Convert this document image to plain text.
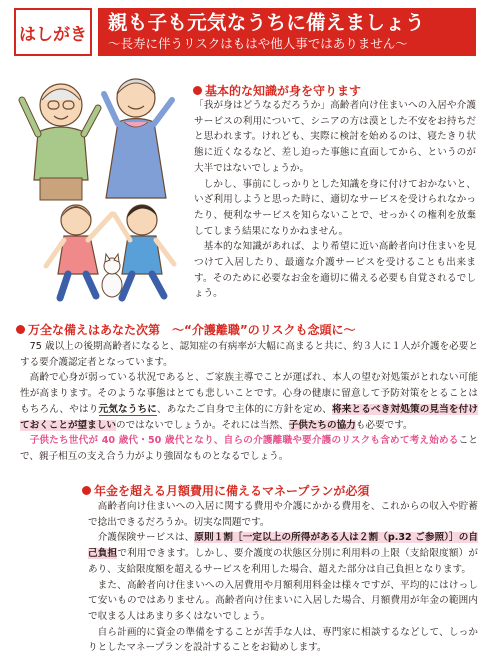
はしがき
親も子も元気なうちに備えましょう
～長寿に伴うリスクはもはや他人事ではありません～
基本的な知識が身を守ります

「我が身はどうなるだろうか」高齢者向け住まいへの入居や介護サービスの利用について、シニアの方は漠とした不安をお持ちだと思われます。けれども、実際に検討を始めるのは、寝たきり状態に近くなるなど、差し迫った事態に直面してから、というのが大半ではないでしょうか。

しかし、事前にしっかりとした知識を身に付けておかないと、いざ利用しようと思った時に、適切なサービスを受けられなかったり、便利なサービスを知らないことで、せっかくの権利を放棄してしまう結果になりかねません。

基本的な知識があれば、より希望に近い高齢者向け住まいを見つけて入居したり、最適な介護サービスを受けることも出来ます。そのために必要なお金を適切に備える必要も自覚されるでしょう。

万全な備えはあなた次第　～“介護離職”のリスクも念頭に～

75 歳以上の後期高齢者になると、認知症の有病率が大幅に高まると共に、約３人に１人が介護を必要とする要介護認定者となっています。

高齢で心身が弱っている状況であると、ご家族主導でことが運ばれ、本人の望む対処策がとれない可能性が高まります。そのような事態はとても悲しいことです。心身の健康に留意して予防対策をとることはもちろん、やはり元気なうちに、あなたご自身で主体的に方針を定め、将来とるべき対処策の見当を付けておくことが望ましいのではないでしょうか。それには当然、子供たちの協力も必要です。

子供たち世代が 40 歳代・50 歳代となり、自らの介護離職や要介護のリスクも含めて考え始めることで、親子相互の支え合う力がより強固なものとなるでしょう。

年金を超える月額費用に備えるマネープランが必須

高齢者向け住まいへの入居に関する費用や介護にかかる費用を、これからの収入や貯蓄で捻出できるだろうか。切実な問題です。

介護保険サービスは、原則１割［一定以上の所得がある人は２割（p.32 ご参照）］の自己負担で利用できます。しかし、要介護度の状態区分別に利用料の上限（支給限度額）があり、支給限度額を超えるサービスを利用した場合、超えた部分は自己負担となります。

また、高齢者向け住まいへの入居費用や月額利用料金は様々ですが、平均的にはけっして安いものではありません。高齢者向け住まいに入居した場合、月額費用が年金の範囲内で収まる人はあまり多くはないでしょう。

自ら計画的に資金の準備をすることが苦手な人は、専門家に相談するなどして、しっかりとしたマネープランを設計することをお勧めします。
